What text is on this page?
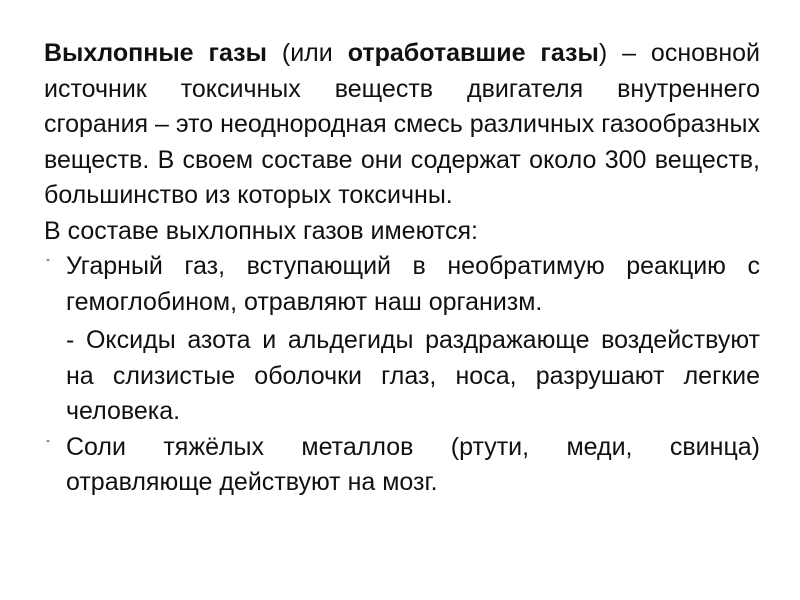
Выхлопные газы (или отработавшие газы) – основной источник токсичных веществ двигателя внутреннего сгорания – это неоднородная смесь различных газообразных веществ. В своем составе они содержат около 300 веществ, большинство из которых токсичны.

В составе выхлопных газов имеются:

- Угарный газ, вступающий в необратимую реакцию с гемоглобином, отравляют наш организм.
- Оксиды азота и альдегиды раздражающе воздействуют на слизистые оболочки глаз, носа, разрушают легкие человека.
- Соли тяжёлых металлов (ртути, меди, свинца) отравляюще действуют на мозг.
